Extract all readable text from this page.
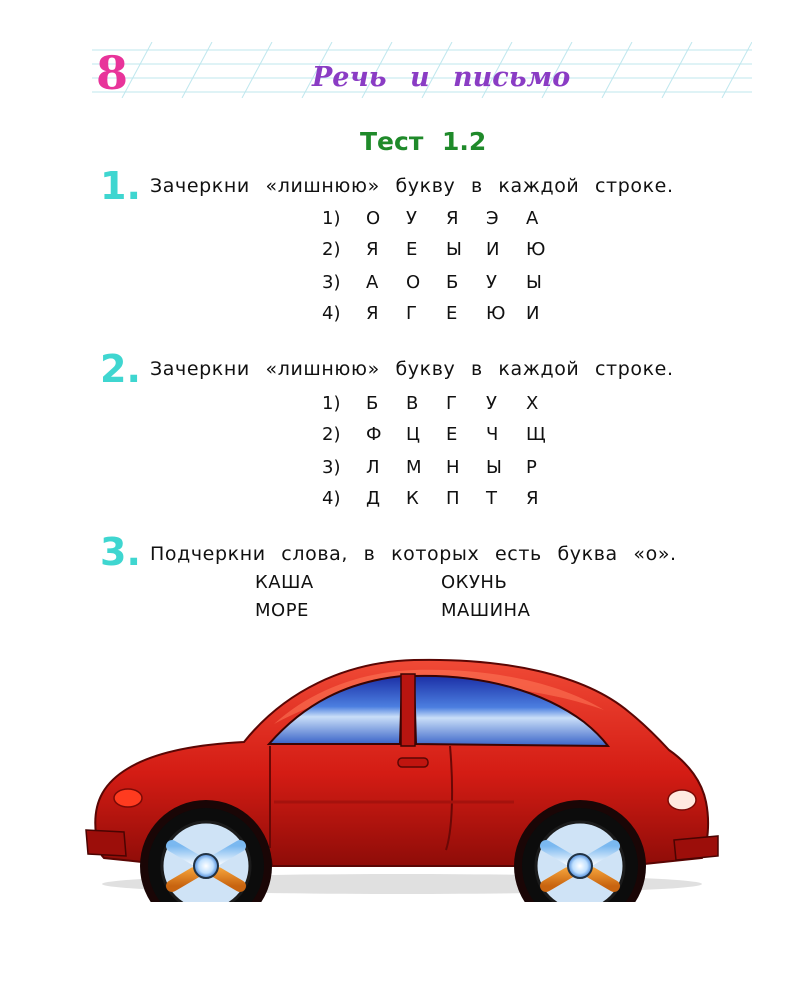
8	Речь и письмо
Тест 1.2
1. Зачеркни «лишнюю» букву в каждой строке.
1)	О	У	Я	Э	А
2)	Я	Е	Ы	И	Ю
3)	А	О	Б	У	Ы
4)	Я	Г	Е	Ю	И
2. Зачеркни «лишнюю» букву в каждой строке.
1)	Б	В	Г	У	Х
2)	Ф	Ц	Е	Ч	Щ
3)	Л	М	Н	Ы	Р
4)	Д	К	П	Т	Я
3. Подчеркни слова, в которых есть буква «о».
КАША	ОКУНЬ
МОРЕ	МАШИНА
